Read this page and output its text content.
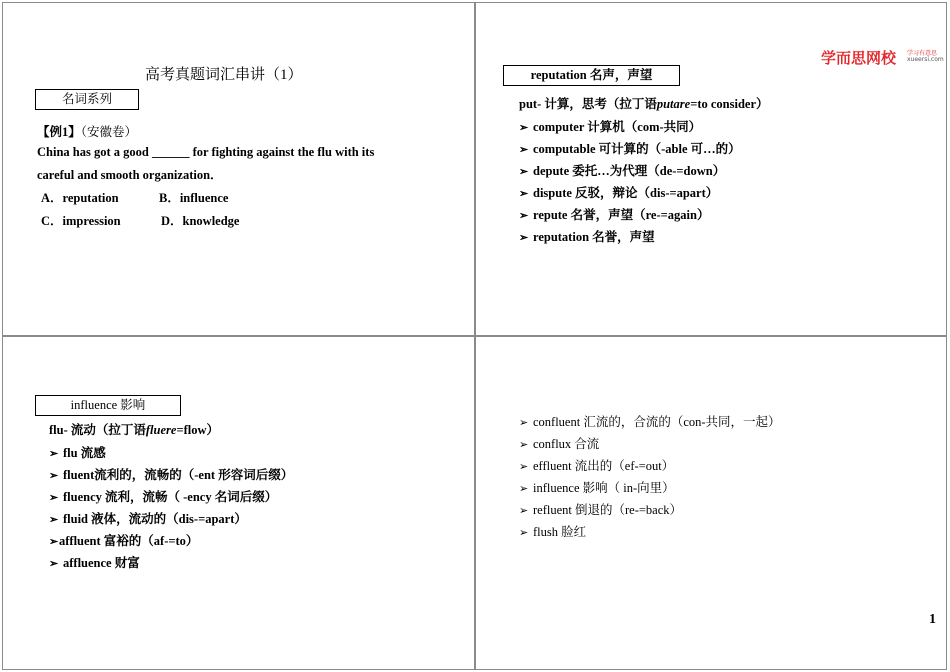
高考真题词汇串讲（1）
名词系列
【例1】（安徽卷）
China has got a good ______ for fighting against the flu with its
careful and smooth organization．
A．reputation	B．influence
C．impression	D．knowledge
学而思网校 学习有意思
xueersi.com
reputation 名声，声望
put- 计算，思考（拉丁语putare=to consider）
➢ computer 计算机（com-共同）
➢ computable 可计算的（-able 可…的）
➢ depute 委托…为代理（de-=down）
➢ dispute 反驳，辩论（dis-=apart）
➢ repute 名誉，声望（re-=again）
➢ reputation 名誉，声望
influence 影响
flu- 流动（拉丁语fluere=flow）
➢ flu 流感
➢ fluent流利的，流畅的（-ent 形容词后缀）
➢ fluency 流利，流畅（ -ency 名词后缀）
➢ fluid 液体，流动的（dis-=apart）
➢affluent 富裕的（af-=to）
➢ affluence 财富
➢ confluent 汇流的，合流的（con-共同，一起）
➢ conflux 合流
➢ effluent 流出的（ef-=out）
➢ influence 影响（ in-向里）
➢ refluent 倒退的（re-=back）
➢ flush 脸红
1
